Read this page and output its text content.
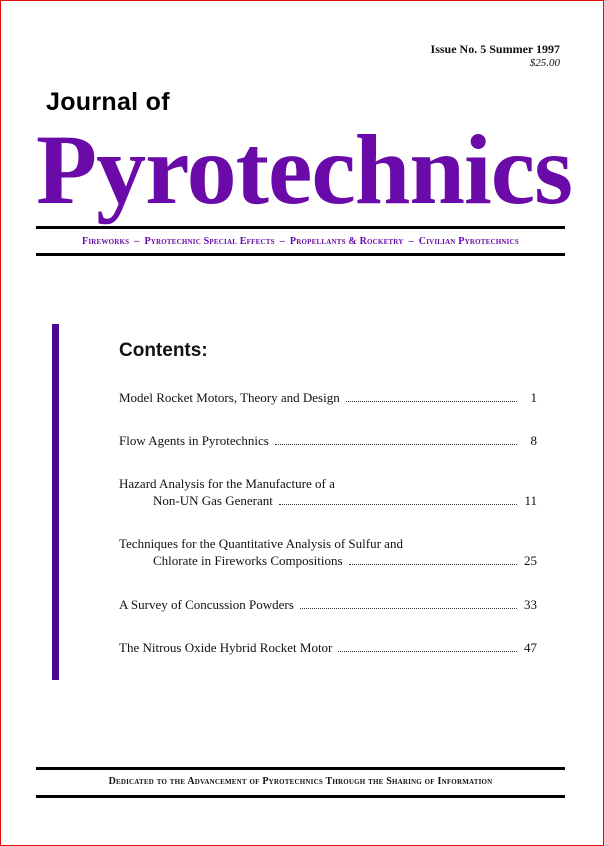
Issue No. 5 Summer 1997
$25.00
Journal of
Pyrotechnics
Fireworks – Pyrotechnic Special Effects – Propellants & Rocketry – Civilian Pyrotechnics
Contents:
Model Rocket Motors, Theory and Design	1
Flow Agents in Pyrotechnics	8
Hazard Analysis for the Manufacture of a
Non-UN Gas Generant	11
Techniques for the Quantitative Analysis of Sulfur and
Chlorate in Fireworks Compositions	25
A Survey of Concussion Powders	33
The Nitrous Oxide Hybrid Rocket Motor	47
Dedicated to the Advancement of Pyrotechnics Through the Sharing of Information
